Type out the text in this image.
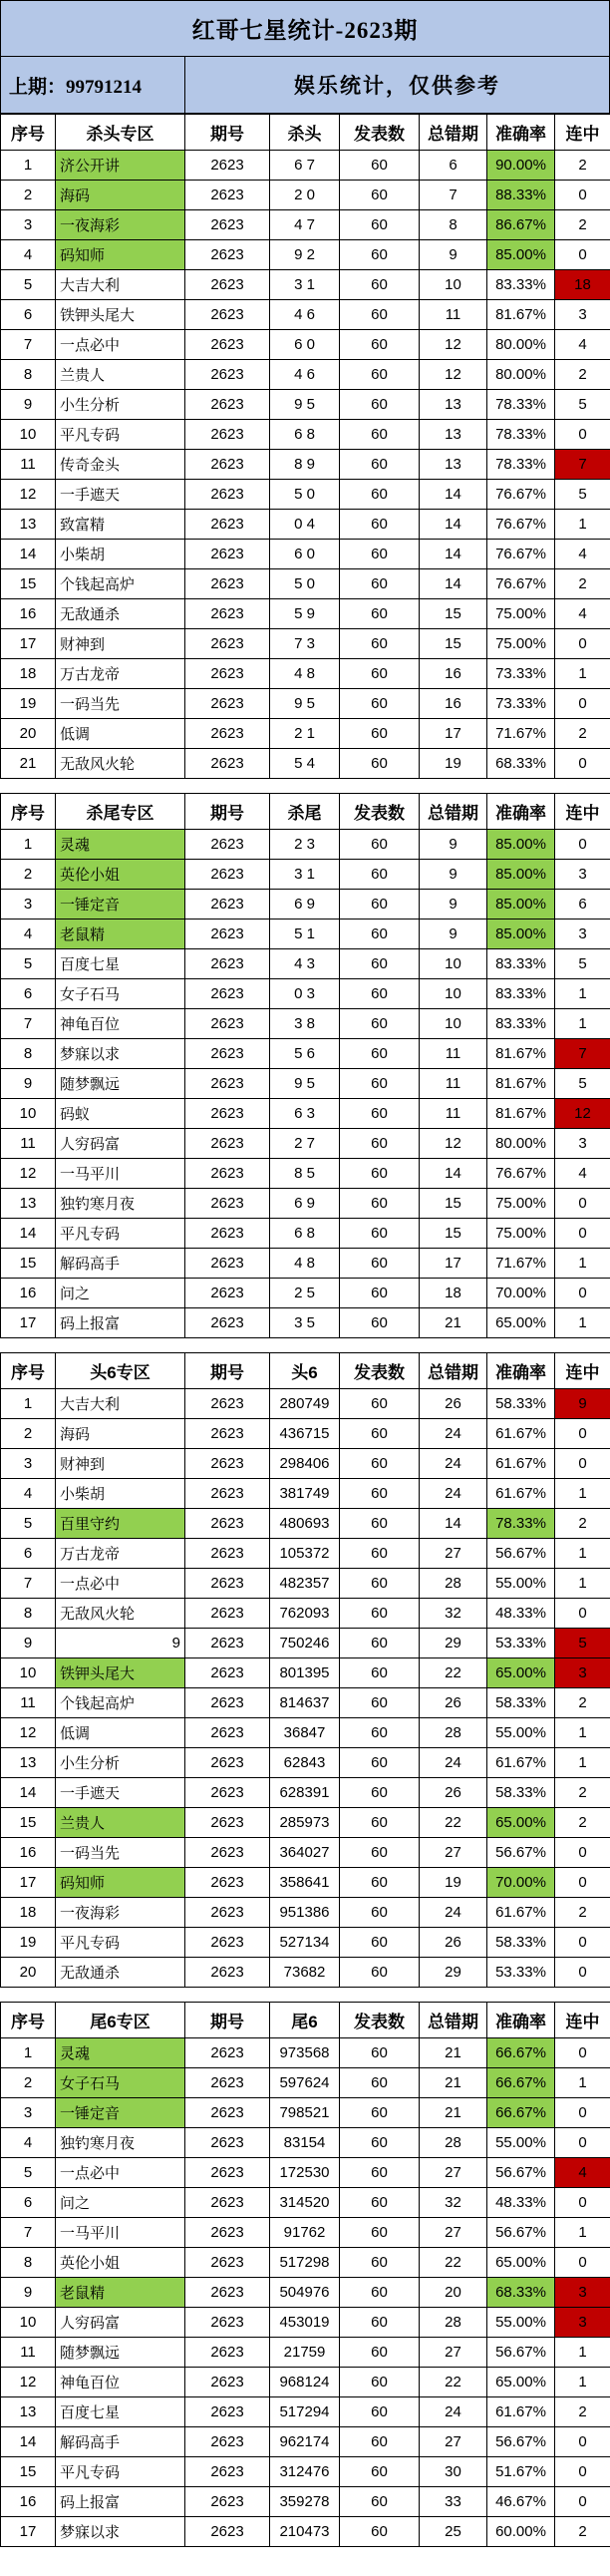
红哥七星统计-2623期
上期：99791214	娱乐统计，仅供参考
序号	杀头专区	期号	杀头	发表数	总错期	准确率	连中
1	济公开讲	2623	6 7	60	6	90.00%	2
2	海码	2623	2 0	60	7	88.33%	0
3	一夜海彩	2623	4 7	60	8	86.67%	2
4	码知师	2623	9 2	60	9	85.00%	0
5	大吉大利	2623	3 1	60	10	83.33%	18
6	铁钾头尾大	2623	4 6	60	11	81.67%	3
7	一点必中	2623	6 0	60	12	80.00%	4
8	兰贵人	2623	4 6	60	12	80.00%	2
9	小生分析	2623	9 5	60	13	78.33%	5
10	平凡专码	2623	6 8	60	13	78.33%	0
11	传奇金头	2623	8 9	60	13	78.33%	7
12	一手遮天	2623	5 0	60	14	76.67%	5
13	致富精	2623	0 4	60	14	76.67%	1
14	小柴胡	2623	6 0	60	14	76.67%	4
15	个钱起高炉	2623	5 0	60	14	76.67%	2
16	无敌通杀	2623	5 9	60	15	75.00%	4
17	财神到	2623	7 3	60	15	75.00%	0
18	万古龙帝	2623	4 8	60	16	73.33%	1
19	一码当先	2623	9 5	60	16	73.33%	0
20	低调	2623	2 1	60	17	71.67%	2
21	无敌风火轮	2623	5 4	60	19	68.33%	0
序号	杀尾专区	期号	杀尾	发表数	总错期	准确率	连中
1	灵魂	2623	2 3	60	9	85.00%	0
2	英伦小姐	2623	3 1	60	9	85.00%	3
3	一锤定音	2623	6 9	60	9	85.00%	6
4	老鼠精	2623	5 1	60	9	85.00%	3
5	百度七星	2623	4 3	60	10	83.33%	5
6	女子石马	2623	0 3	60	10	83.33%	1
7	神龟百位	2623	3 8	60	10	83.33%	1
8	梦寐以求	2623	5 6	60	11	81.67%	7
9	随梦飘远	2623	9 5	60	11	81.67%	5
10	码蚁	2623	6 3	60	11	81.67%	12
11	人穷码富	2623	2 7	60	12	80.00%	3
12	一马平川	2623	8 5	60	14	76.67%	4
13	独钓寒月夜	2623	6 9	60	15	75.00%	0
14	平凡专码	2623	6 8	60	15	75.00%	0
15	解码高手	2623	4 8	60	17	71.67%	1
16	问之	2623	2 5	60	18	70.00%	0
17	码上报富	2623	3 5	60	21	65.00%	1
序号	头6专区	期号	头6	发表数	总错期	准确率	连中
1	大吉大利	2623	280749	60	26	58.33%	9
2	海码	2623	436715	60	24	61.67%	0
3	财神到	2623	298406	60	24	61.67%	0
4	小柴胡	2623	381749	60	24	61.67%	1
5	百里守约	2623	480693	60	14	78.33%	2
6	万古龙帝	2623	105372	60	27	56.67%	1
7	一点必中	2623	482357	60	28	55.00%	1
8	无敌风火轮	2623	762093	60	32	48.33%	0
9	9	2623	750246	60	29	53.33%	5
10	铁钾头尾大	2623	801395	60	22	65.00%	3
11	个钱起高炉	2623	814637	60	26	58.33%	2
12	低调	2623	36847	60	28	55.00%	1
13	小生分析	2623	62843	60	24	61.67%	1
14	一手遮天	2623	628391	60	26	58.33%	2
15	兰贵人	2623	285973	60	22	65.00%	2
16	一码当先	2623	364027	60	27	56.67%	0
17	码知师	2623	358641	60	19	70.00%	0
18	一夜海彩	2623	951386	60	24	61.67%	2
19	平凡专码	2623	527134	60	26	58.33%	0
20	无敌通杀	2623	73682	60	29	53.33%	0
序号	尾6专区	期号	尾6	发表数	总错期	准确率	连中
1	灵魂	2623	973568	60	21	66.67%	0
2	女子石马	2623	597624	60	21	66.67%	1
3	一锤定音	2623	798521	60	21	66.67%	0
4	独钓寒月夜	2623	83154	60	28	55.00%	0
5	一点必中	2623	172530	60	27	56.67%	4
6	问之	2623	314520	60	32	48.33%	0
7	一马平川	2623	91762	60	27	56.67%	1
8	英伦小姐	2623	517298	60	22	65.00%	0
9	老鼠精	2623	504976	60	20	68.33%	3
10	人穷码富	2623	453019	60	28	55.00%	3
11	随梦飘远	2623	21759	60	27	56.67%	1
12	神龟百位	2623	968124	60	22	65.00%	1
13	百度七星	2623	517294	60	24	61.67%	2
14	解码高手	2623	962174	60	27	56.67%	0
15	平凡专码	2623	312476	60	30	51.67%	0
16	码上报富	2623	359278	60	33	46.67%	0
17	梦寐以求	2623	210473	60	25	60.00%	2
